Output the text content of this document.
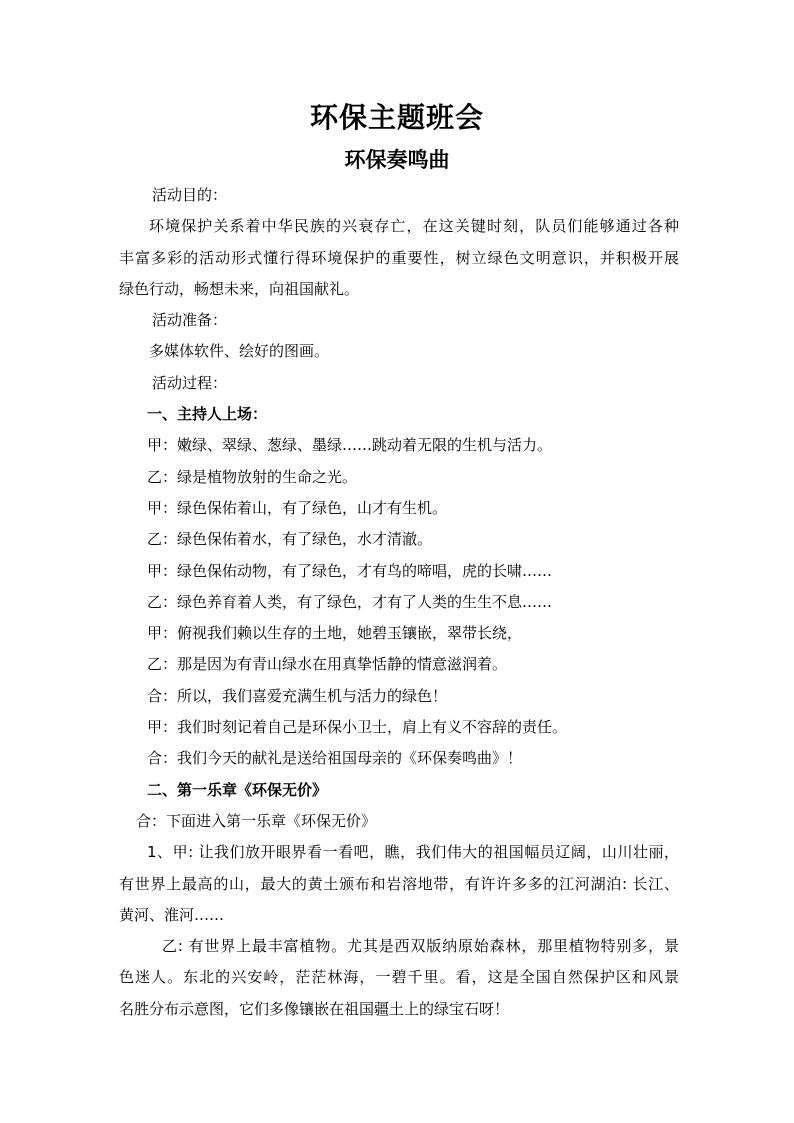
环保主题班会
环保奏鸣曲
活动目的：
环境保护关系着中华民族的兴衰存亡，在这关键时刻，队员们能够通过各种
丰富多彩的活动形式懂行得环境保护的重要性，树立绿色文明意识，并积极开展
绿色行动，畅想未来，向祖国献礼。
活动准备：
多媒体软件、绘好的图画。
活动过程：
一、主持人上场：
甲：嫩绿、翠绿、葱绿、墨绿……跳动着无限的生机与活力。
乙：绿是植物放射的生命之光。
甲：绿色保佑着山，有了绿色，山才有生机。
乙：绿色保佑着水，有了绿色，水才清澈。
甲：绿色保佑动物，有了绿色，才有鸟的啼唱，虎的长啸……
乙：绿色养育着人类，有了绿色，才有了人类的生生不息……
甲：俯视我们赖以生存的土地，她碧玉镶嵌，翠带长绕，
乙：那是因为有青山绿水在用真挚恬静的情意滋润着。
合：所以，我们喜爱充满生机与活力的绿色！
甲：我们时刻记着自己是环保小卫士，肩上有义不容辞的责任。
合：我们今天的献礼是送给祖国母亲的《环保奏鸣曲》！
二、第一乐章《环保无价》
合：下面进入第一乐章《环保无价》
1、甲: 让我们放开眼界看一看吧，瞧，我们伟大的祖国幅员辽阔，山川壮丽，
有世界上最高的山，最大的黄土颁布和岩溶地带，有许许多多的江河湖泊: 长江、
黄河、淮河……
乙: 有世界上最丰富植物。尤其是西双版纳原始森林，那里植物特别多，景
色迷人。东北的兴安岭，茫茫林海，一碧千里。看，这是全国自然保护区和风景
名胜分布示意图，它们多像镶嵌在祖国疆土上的绿宝石呀！
